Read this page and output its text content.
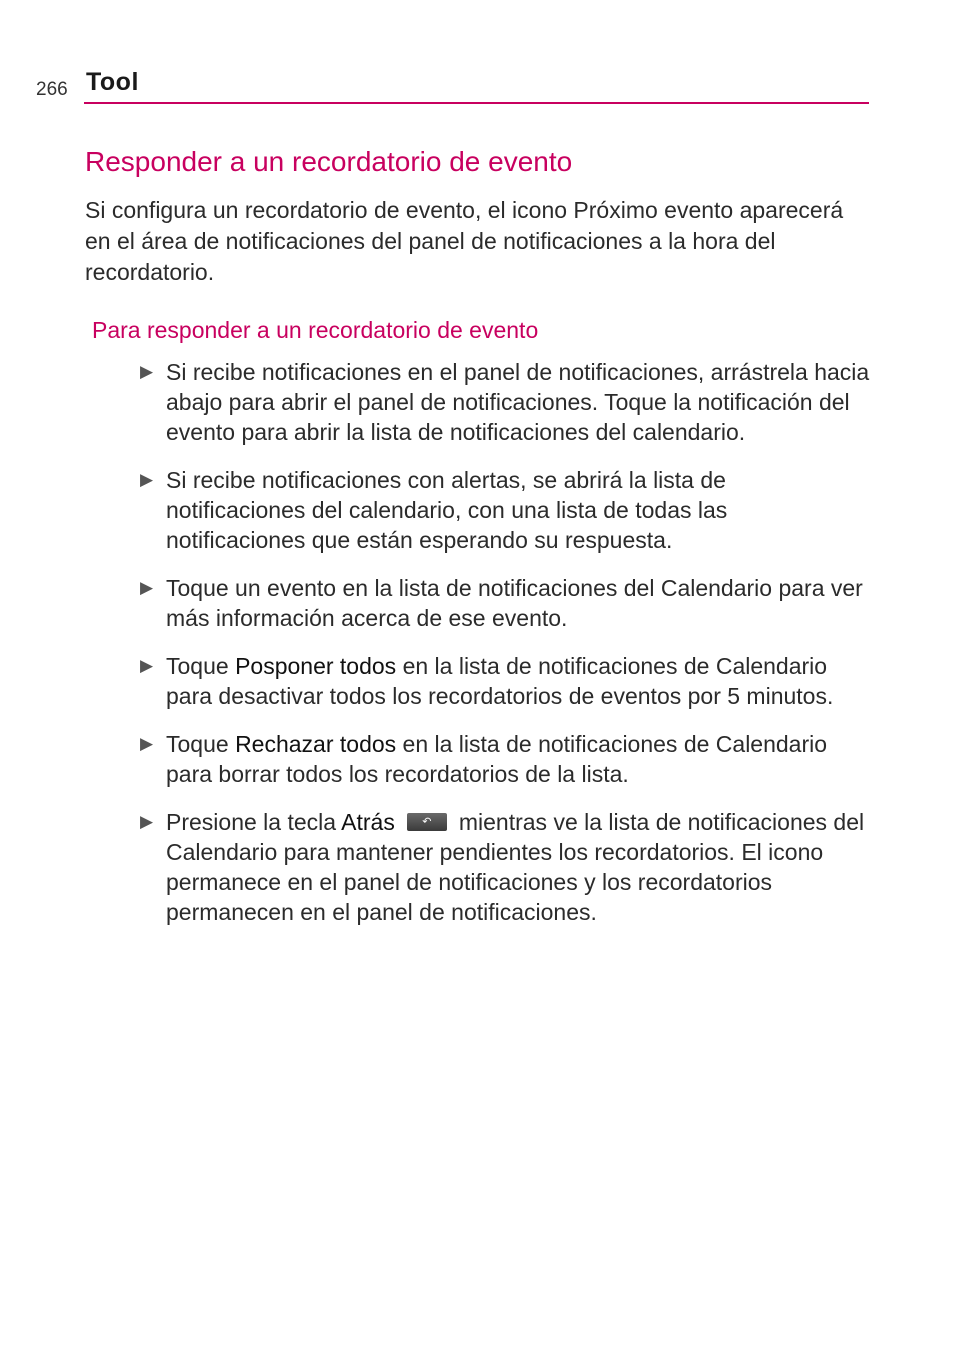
266 Tool
Responder a un recordatorio de evento

Si configura un recordatorio de evento, el icono Próximo evento aparecerá en el área de notificaciones del panel de notificaciones a la hora del recordatorio.

Para responder a un recordatorio de evento
▶ Si recibe notificaciones en el panel de notificaciones, arrástrela hacia abajo para abrir el panel de notificaciones. Toque la notificación del evento para abrir la lista de notificaciones del calendario.
▶ Si recibe notificaciones con alertas, se abrirá la lista de notificaciones del calendario, con una lista de todas las notificaciones que están esperando su respuesta.
▶ Toque un evento en la lista de notificaciones del Calendario para ver más información acerca de ese evento.
▶ Toque Posponer todos en la lista de notificaciones de Calendario para desactivar todos los recordatorios de eventos por 5 minutos.
▶ Toque Rechazar todos en la lista de notificaciones de Calendario para borrar todos los recordatorios de la lista.
▶ Presione la tecla Atrás ↶ mientras ve la lista de notificaciones del Calendario para mantener pendientes los recordatorios. El icono permanece en el panel de notificaciones y los recordatorios permanecen en el panel de notificaciones.
